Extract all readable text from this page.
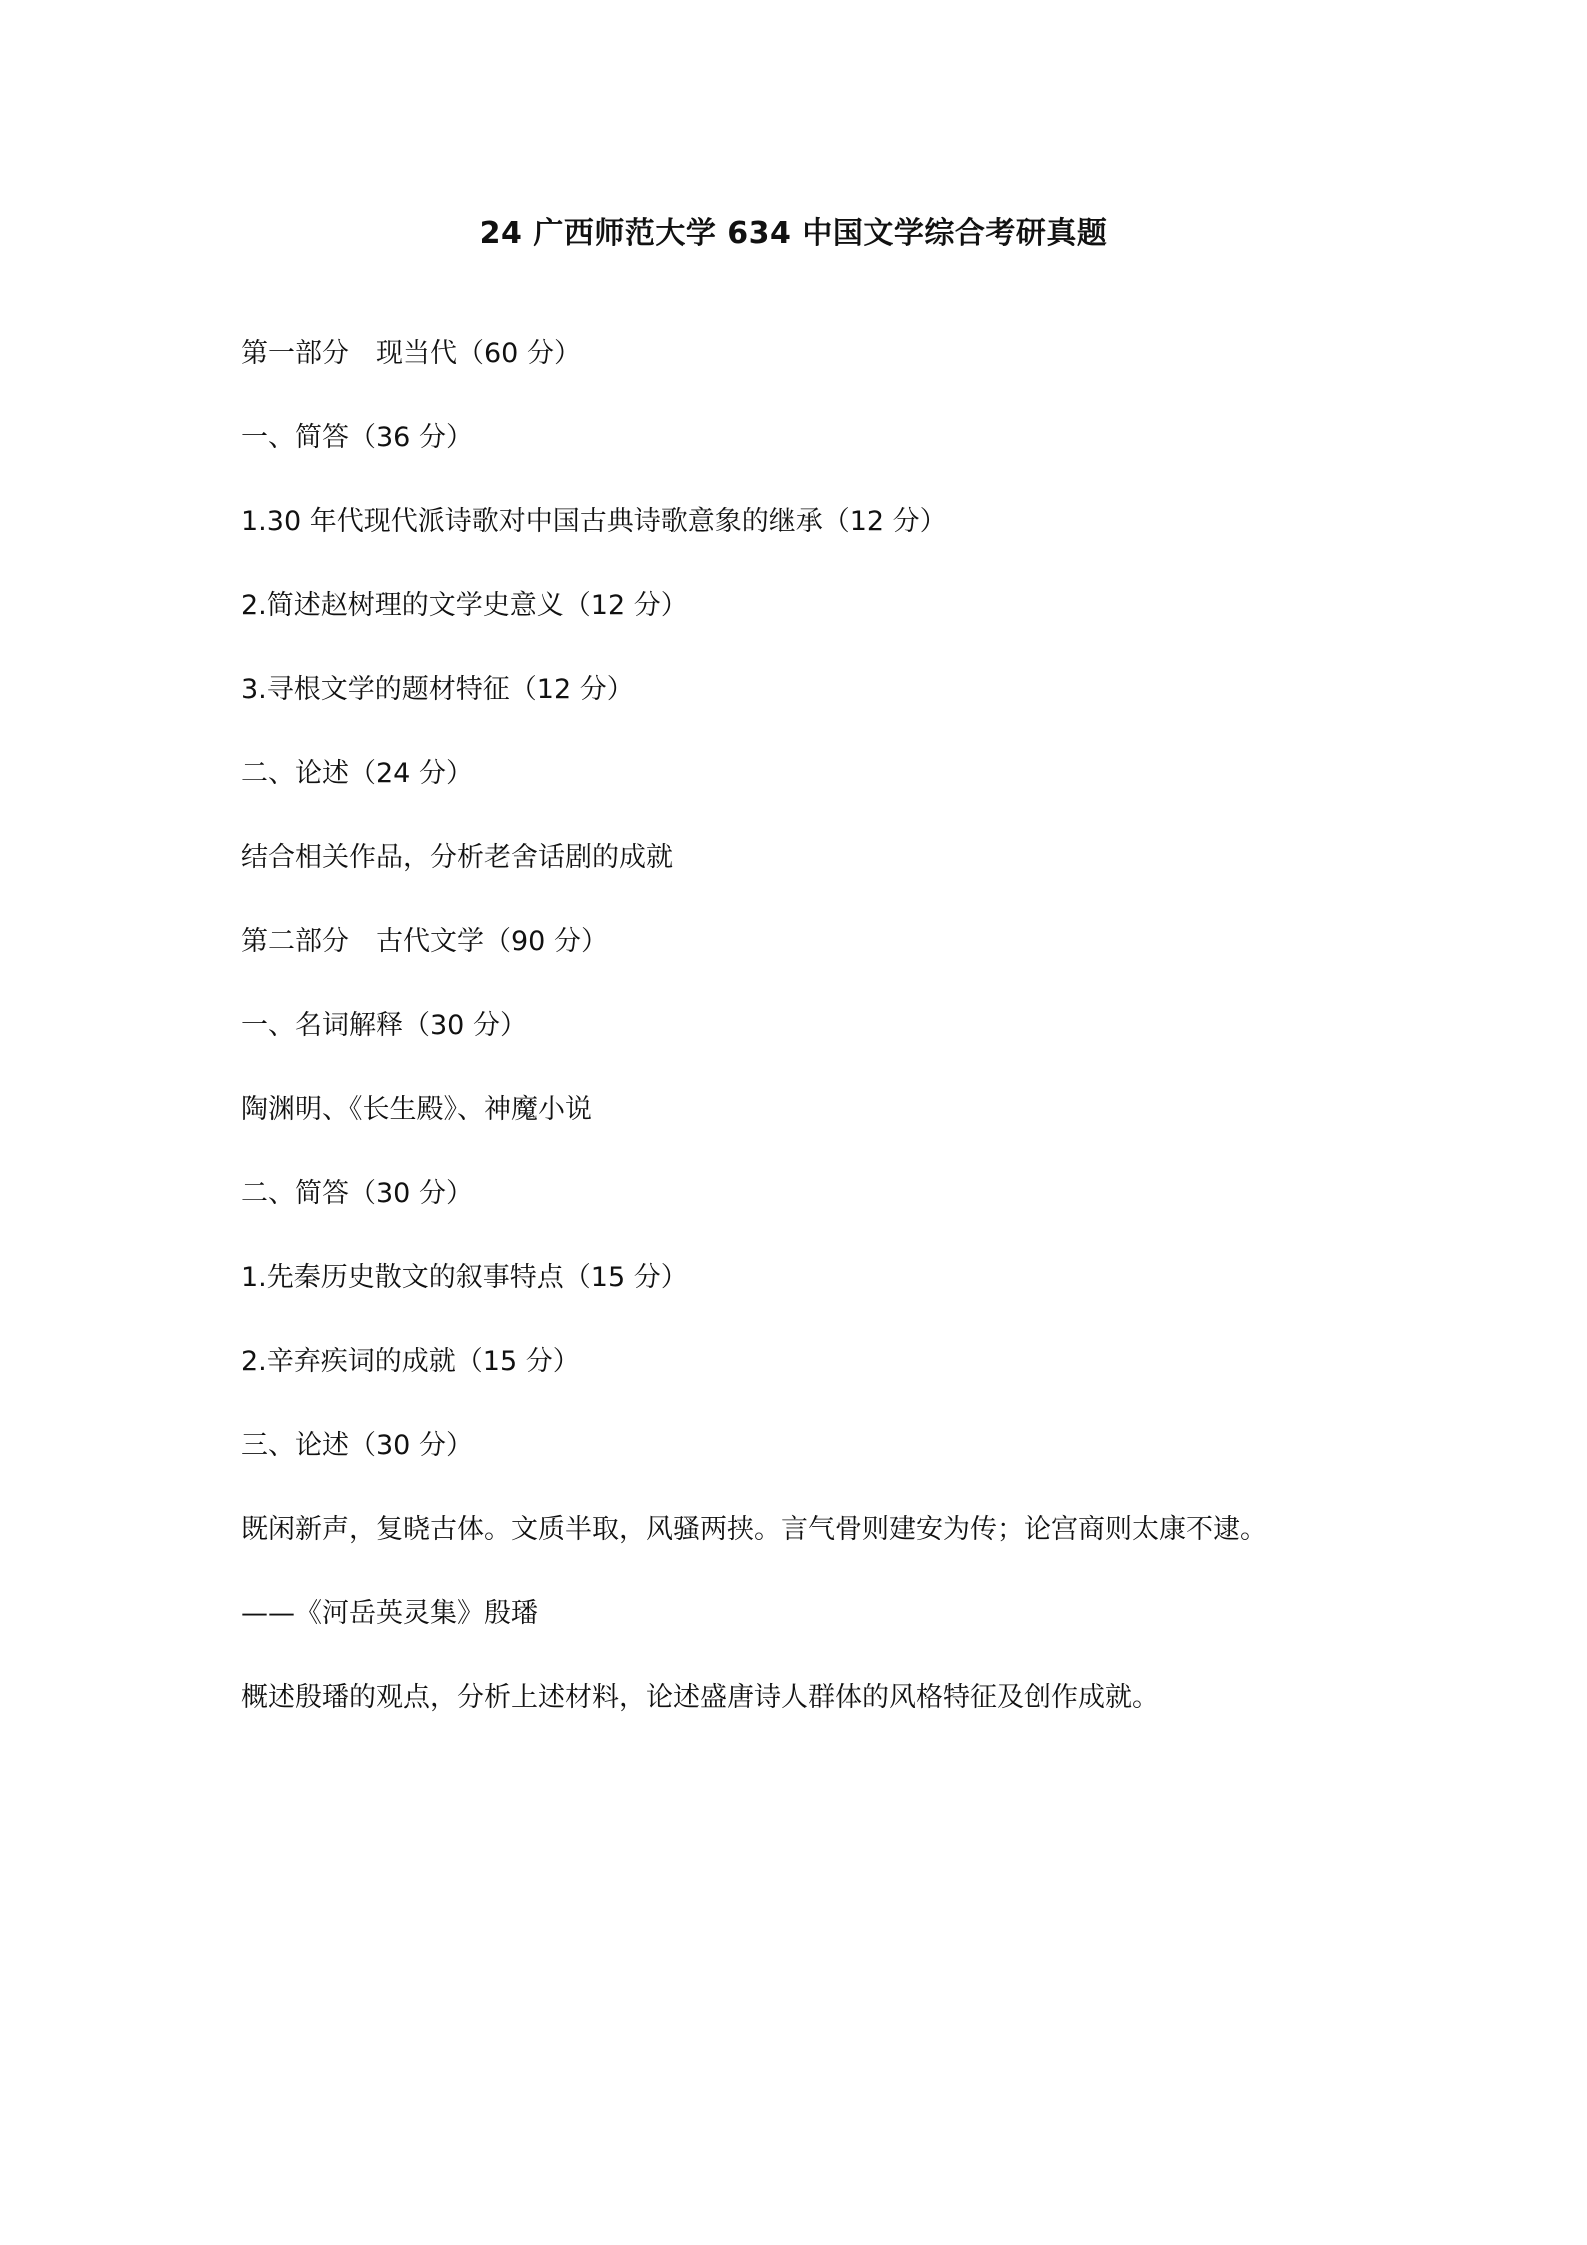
24 广西师范大学 634 中国文学综合考研真题
第一部分　现当代（60 分）
一、简答（36 分）
1.30 年代现代派诗歌对中国古典诗歌意象的继承（12 分）
2.简述赵树理的文学史意义（12 分）
3.寻根文学的题材特征（12 分）
二、论述（24 分）
结合相关作品，分析老舍话剧的成就
第二部分　古代文学（90 分）
一、名词解释（30 分）
陶渊明、《长生殿》、神魔小说
二、简答（30 分）
1.先秦历史散文的叙事特点（15 分）
2.辛弃疾词的成就（15 分）
三、论述（30 分）
既闲新声，复晓古体。文质半取，风骚两挟。言气骨则建安为传；论宫商则太康不逮。
——《河岳英灵集》殷璠
概述殷璠的观点，分析上述材料，论述盛唐诗人群体的风格特征及创作成就。
